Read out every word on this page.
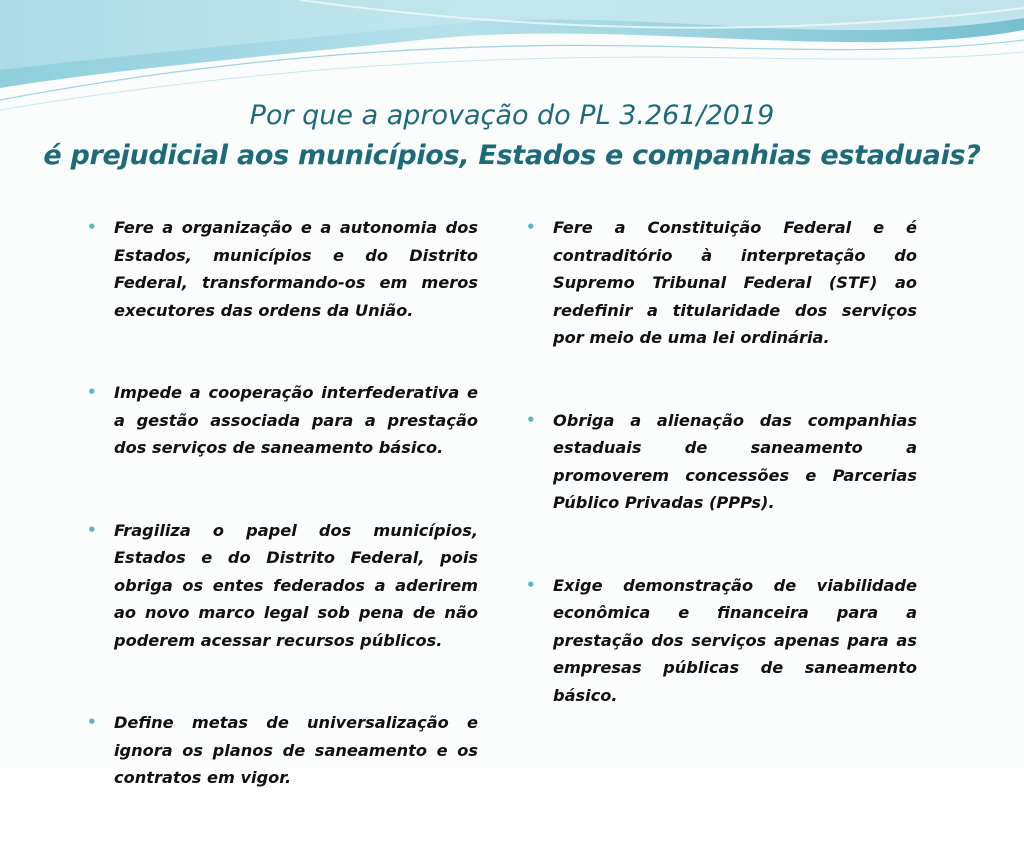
Por que a aprovação do PL 3.261/2019
é prejudicial aos municípios, Estados e companhias estaduais?
• Fere a organização e a autonomia dos Estados, municípios e do Distrito Federal, transformando-os em meros executores das ordens da União.
• Impede a cooperação interfederativa e a gestão associada para a prestação dos serviços de saneamento básico.
• Fragiliza o papel dos municípios, Estados e do Distrito Federal, pois obriga os entes federados a aderirem ao novo marco legal sob pena de não poderem acessar recursos públicos.
• Define metas de universalização e ignora os planos de saneamento e os contratos em vigor.
• Fere a Constituição Federal e é contraditório à interpretação do Supremo Tribunal Federal (STF) ao redefinir a titularidade dos serviços por meio de uma lei ordinária.
• Obriga a alienação das companhias estaduais de saneamento a promoverem concessões e Parcerias Público Privadas (PPPs).
• Exige demonstração de viabilidade econômica e financeira para a prestação dos serviços apenas para as empresas públicas de saneamento básico.
